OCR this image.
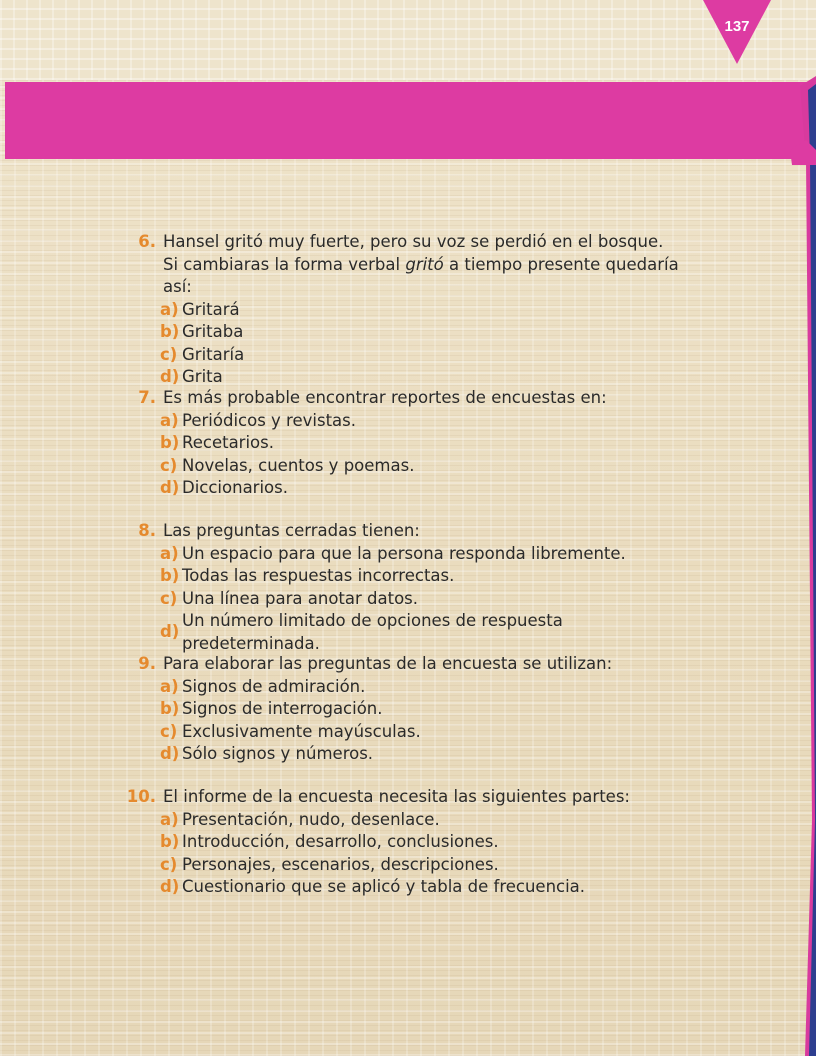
137
6. Hansel gritó muy fuerte, pero su voz se perdió en el bosque. Si cambiaras la forma verbal gritó a tiempo presente quedaría así:
a) Gritará
b) Gritaba
c) Gritaría
d) Grita
7. Es más probable encontrar reportes de encuestas en:
a) Periódicos y revistas.
b) Recetarios.
c) Novelas, cuentos y poemas.
d) Diccionarios.
8. Las preguntas cerradas tienen:
a) Un espacio para que la persona responda libremente.
b) Todas las respuestas incorrectas.
c) Una línea para anotar datos.
d)
Un número limitado de opciones de respuesta predeterminada.
9. Para elaborar las preguntas de la encuesta se utilizan:
a) Signos de admiración.
b) Signos de interrogación.
c) Exclusivamente mayúsculas.
d) Sólo signos y números.
10. El informe de la encuesta necesita las siguientes partes:
a) Presentación, nudo, desenlace.
b) Introducción, desarrollo, conclusiones.
c) Personajes, escenarios, descripciones.
d) Cuestionario que se aplicó y tabla de frecuencia.
